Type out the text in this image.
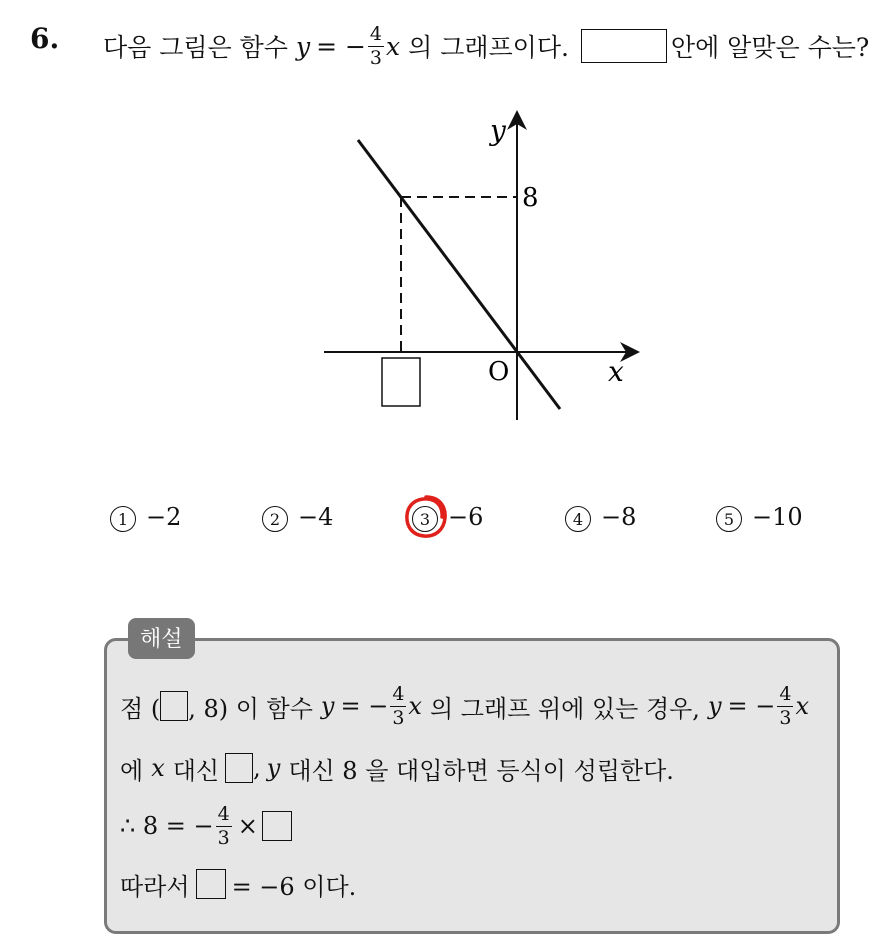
6. 다음 그림은 함수 y = − $\frac{4}{3}$ x 의 그래프이다.	안에 알맞은 수는?
y
x
O
8
1 −2	2 −4	3 −6	4 −8	5 −10
해설
점 ( , 8) 이 함수 y = − $\frac{4}{3}$ x 의 그래프 위에 있는 경우, y = − $\frac{4}{3}$ x
에 x 대신 , y 대신 8 을 대입하면 등식이 성립한다.
∴ 8 = − $\frac{4}{3}$ ×
따라서 = −6 이다.
